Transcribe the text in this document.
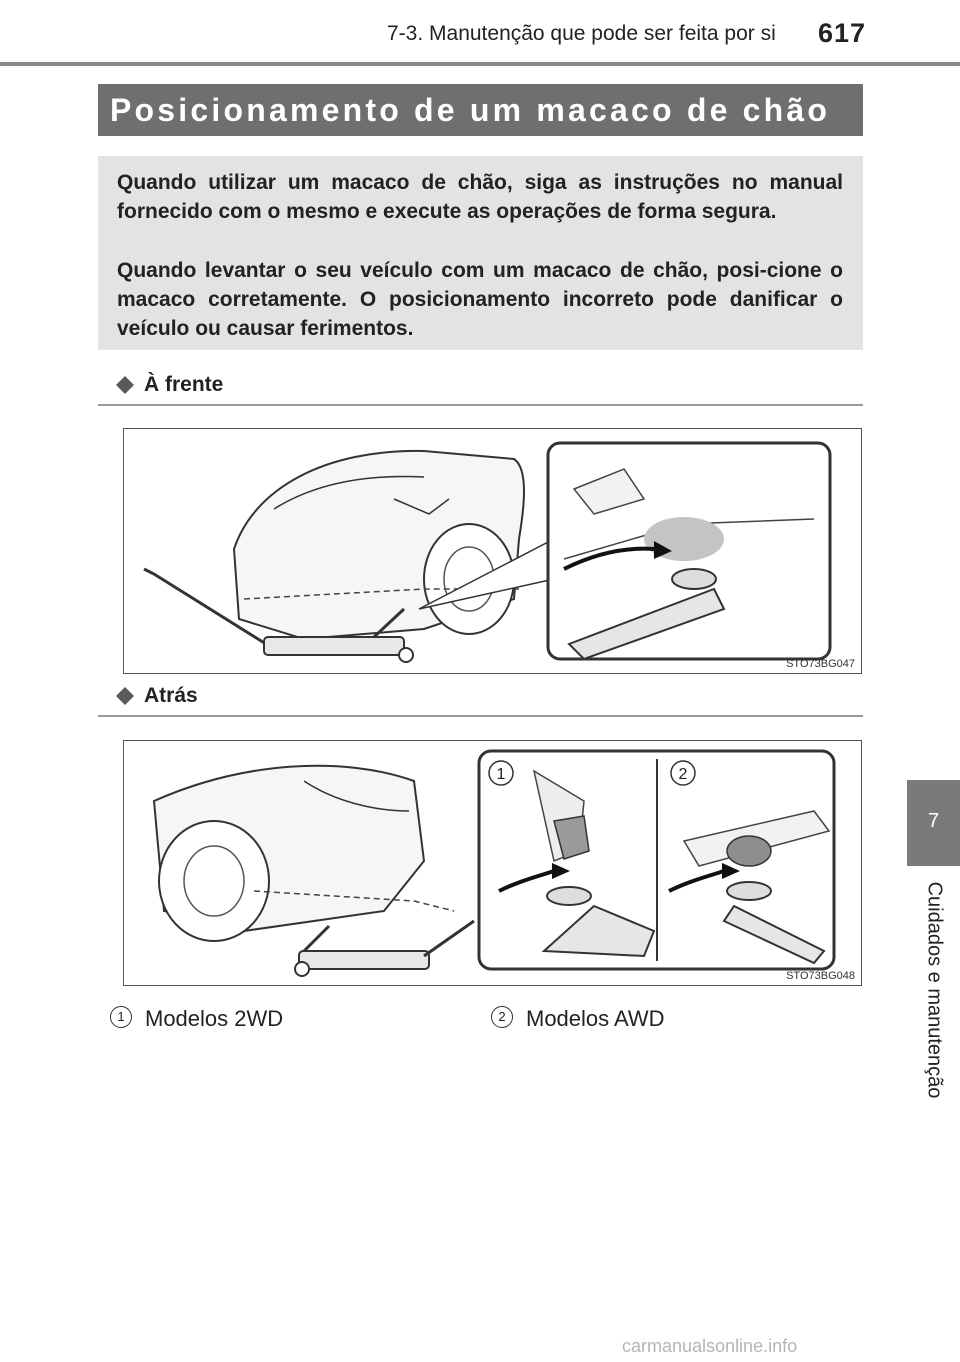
7-3. Manutenção que pode ser feita por si 617
7
Cuidados e manutenção
Posicionamento de um macaco de chão

Quando utilizar um macaco de chão, siga as instruções no manual fornecido com o mesmo e execute as operações de forma segura.

Quando levantar o seu veículo com um macaco de chão, posi-cione o macaco corretamente. O posicionamento incorreto pode danificar o veículo ou causar ferimentos.

À frente
STO73BG047
Atrás
1	2
STO73BG048
1 Modelos 2WD	2 Modelos AWD
carmanualsonline.info
